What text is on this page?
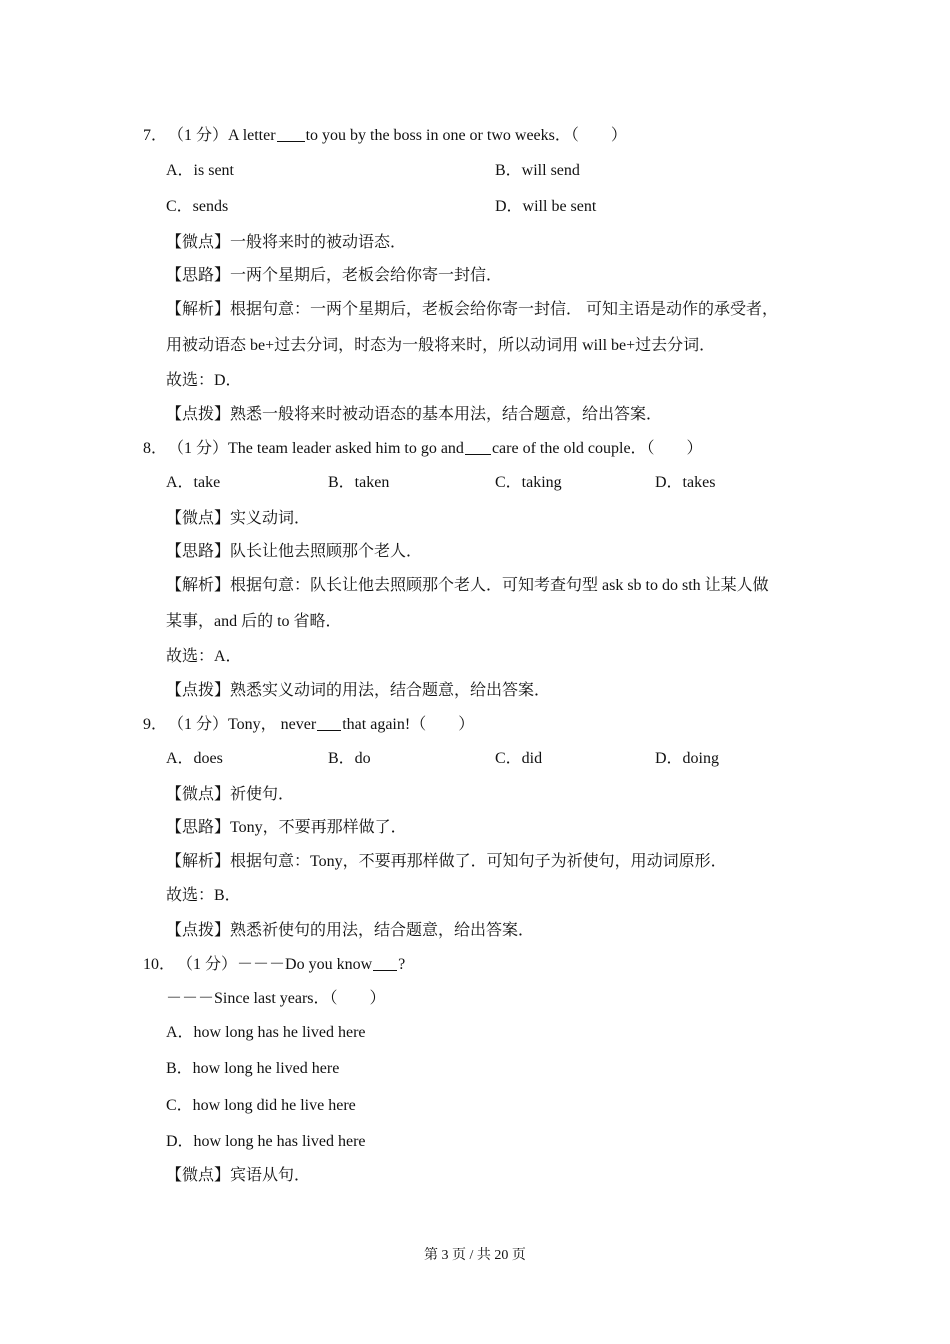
7． （1 分）A letter to you by the boss in one or two weeks．（　　）
A．is sent	B．will send
C．sends	D．will be sent
【微点】一般将来时的被动语态．
【思路】一两个星期后，老板会给你寄一封信．
【解析】根据句意：一两个星期后，老板会给你寄一封信． 可知主语是动作的承受者，
用被动语态 be+过去分词，时态为一般将来时，所以动词用 will be+过去分词．
故选：D．
【点拨】熟悉一般将来时被动语态的基本用法，结合题意，给出答案．
8． （1 分）The team leader asked him to go and care of the old couple．（　　）
A．take	B．taken	C．taking	D．takes
【微点】实义动词．
【思路】队长让他去照顾那个老人．
【解析】根据句意：队长让他去照顾那个老人．可知考查句型 ask sb to do sth 让某人做
某事，and 后的 to 省略．
故选：A．
【点拨】熟悉实义动词的用法，结合题意，给出答案．
9． （1 分）Tony， never that again!（　　）
A．does	B．do	C．did	D．doing
【微点】祈使句．
【思路】Tony，不要再那样做了．
【解析】根据句意：Tony，不要再那样做了．可知句子为祈使句，用动词原形．
故选：B．
【点拨】熟悉祈使句的用法，结合题意，给出答案．
10． （1 分）－－－Do you know ?
－－－Since last years．（　　）
A．how long has he lived here
B．how long he lived here
C．how long did he live here
D．how long he has lived here
【微点】宾语从句．
第 3 页 / 共 20 页
